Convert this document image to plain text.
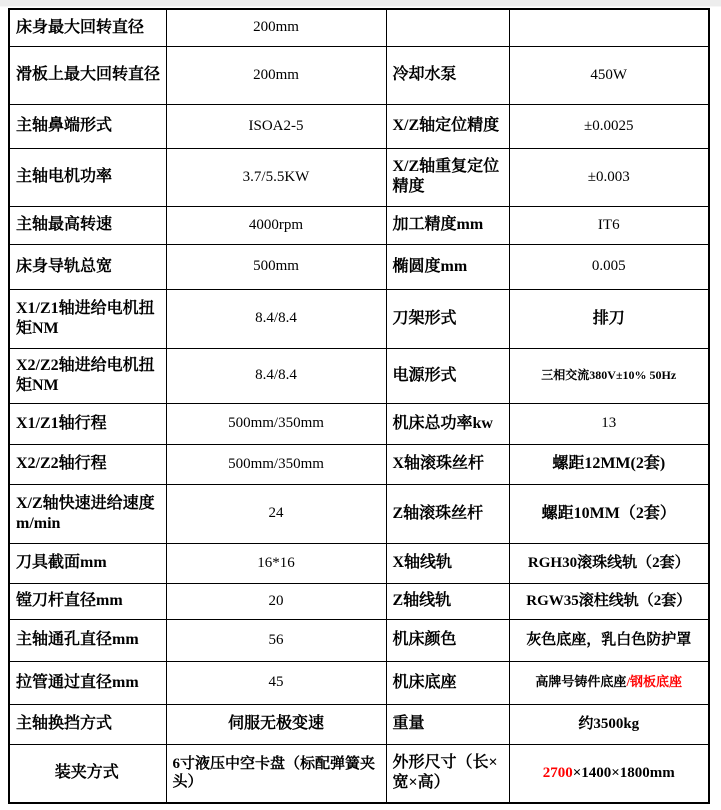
床身最大回转直径	200mm		
滑板上最大回转直径	200mm	冷却水泵	450W
主轴鼻端形式	ISOA2-5	X/Z轴定位精度	±0.0025
主轴电机功率	3.7/5.5KW	X/Z轴重复定位精度	±0.003
主轴最高转速	4000rpm	加工精度mm	IT6
床身导轨总宽	500mm	椭圆度mm	0.005
X1/Z1轴进给电机扭矩NM	8.4/8.4	刀架形式	排刀
X2/Z2轴进给电机扭矩NM	8.4/8.4	电源形式	三相交流380V±10% 50Hz
X1/Z1轴行程	500mm/350mm	机床总功率kw	13
X2/Z2轴行程	500mm/350mm	X轴滚珠丝杆	螺距12MM(2套)
X/Z轴快速进给速度m/min	24	Z轴滚珠丝杆	螺距10MM（2套）
刀具截面mm	16*16	X轴线轨	RGH30滚珠线轨（2套）
镗刀杆直径mm	20	Z轴线轨	RGW35滚柱线轨（2套）
主轴通孔直径mm	56	机床颜色	灰色底座，乳白色防护罩
拉管通过直径mm	45	机床底座	高牌号铸件底座/钢板底座
主轴换挡方式	伺服无极变速	重量	约3500kg
装夹方式	6寸液压中空卡盘（标配弹簧夹头）	外形尺寸（长×宽×高）	2700×1400×1800mm
